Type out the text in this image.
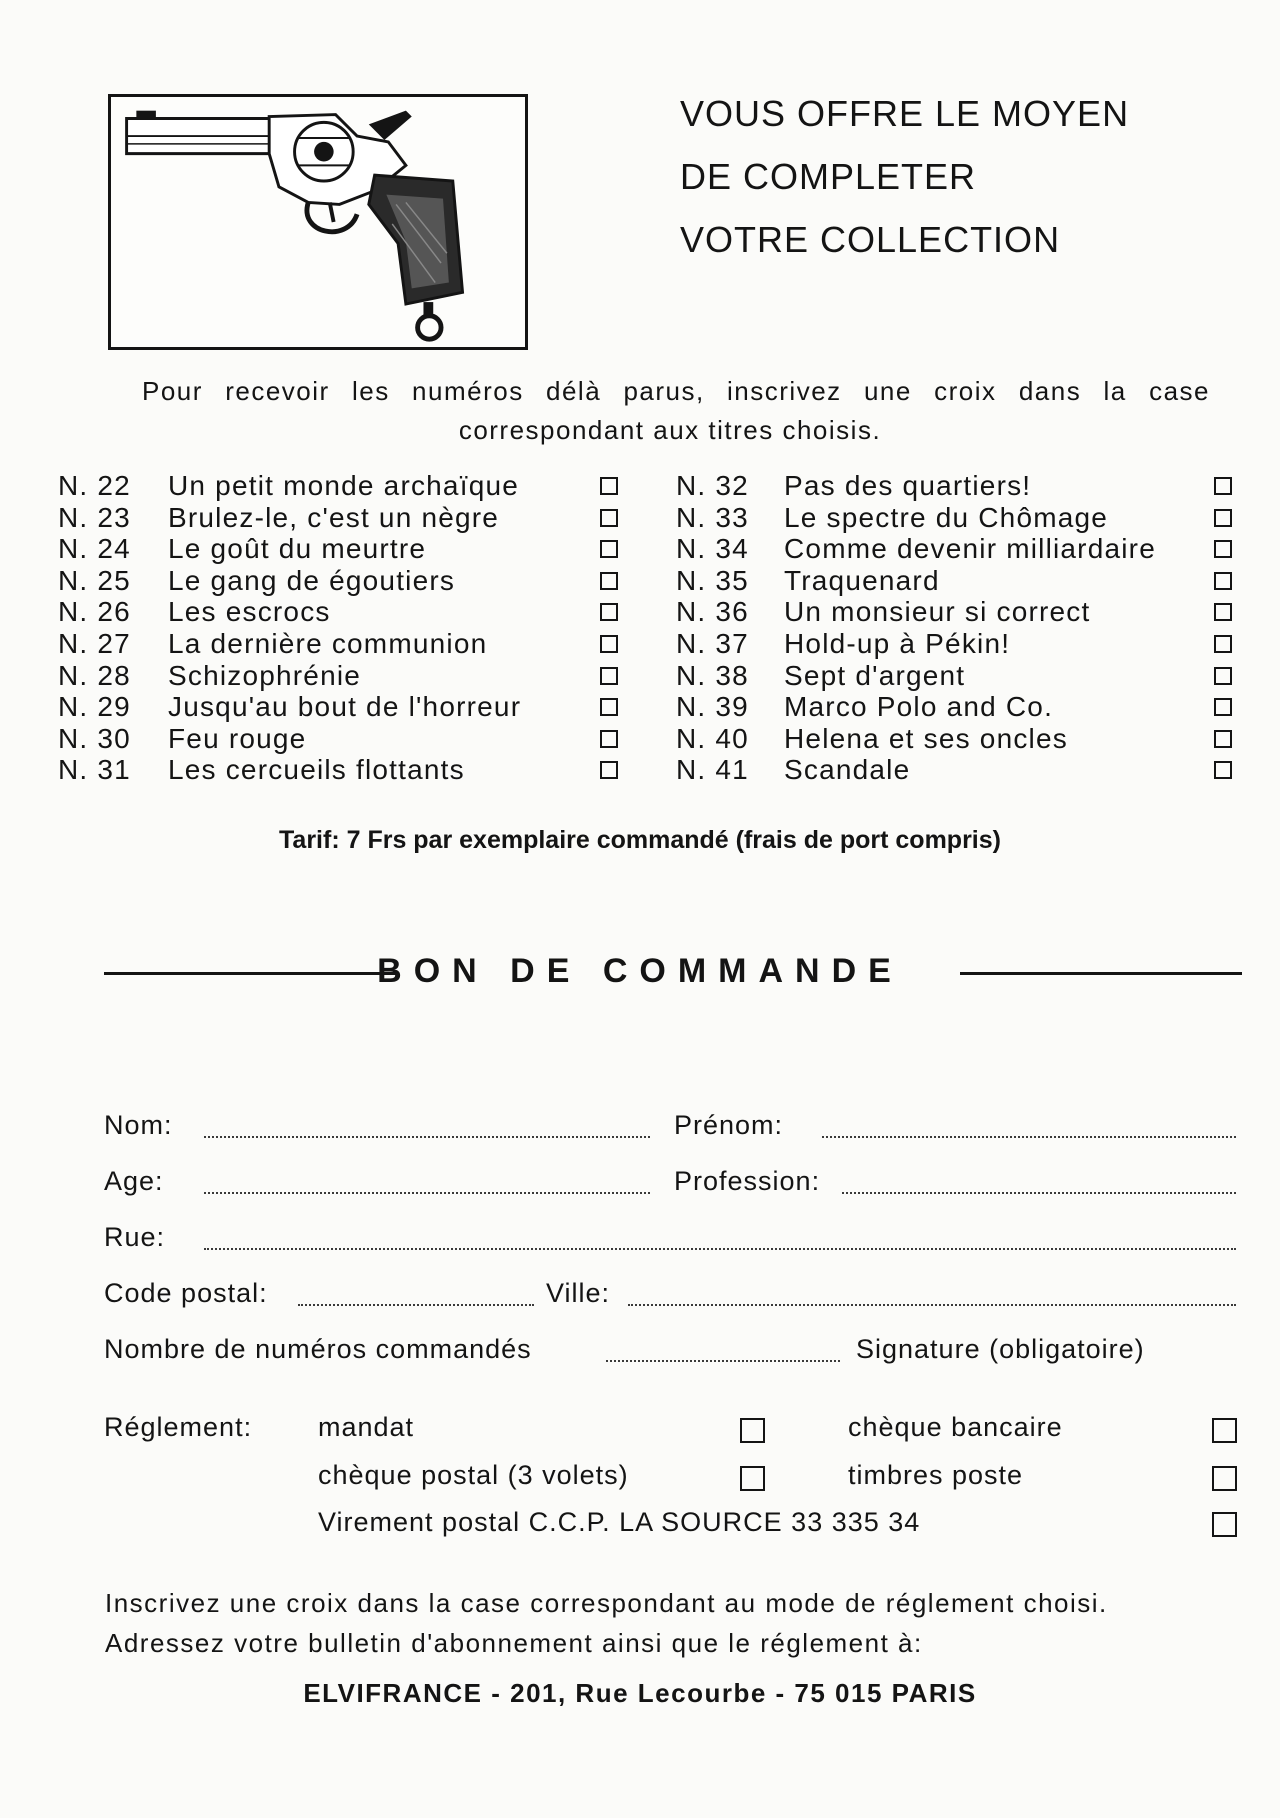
VOUS OFFRE LE MOYEN
DE COMPLETER
VOTRE COLLECTION
Pour recevoir les numéros délà parus, inscrivez une croix dans la case
correspondant aux titres choisis.
N. 22 Un petit monde archaïque
N. 23 Brulez-le, c'est un nègre
N. 24 Le goût du meurtre
N. 25 Le gang de égoutiers
N. 26 Les escrocs
N. 27 La dernière communion
N. 28 Schizophrénie
N. 29 Jusqu'au bout de l'horreur
N. 30 Feu rouge
N. 31 Les cercueils flottants
N. 32 Pas des quartiers!
N. 33 Le spectre du Chômage
N. 34 Comme devenir milliardaire
N. 35 Traquenard
N. 36 Un monsieur si correct
N. 37 Hold-up à Pékin!
N. 38 Sept d'argent
N. 39 Marco Polo and Co.
N. 40 Helena et ses oncles
N. 41 Scandale
Tarif: 7 Frs par exemplaire commandé (frais de port compris)
BON DE COMMANDE
Nom:	Prénom:
Age:	Profession:
Rue:
Code postal:	Ville:
Nombre de numéros commandés	Signature (obligatoire)
Réglement: mandat	chèque bancaire
chèque postal (3 volets)	timbres poste
Virement postal C.C.P. LA SOURCE 33 335 34
Inscrivez une croix dans la case correspondant au mode de réglement choisi.
Adressez votre bulletin d'abonnement ainsi que le réglement à:
ELVIFRANCE - 201, Rue Lecourbe - 75 015 PARIS
